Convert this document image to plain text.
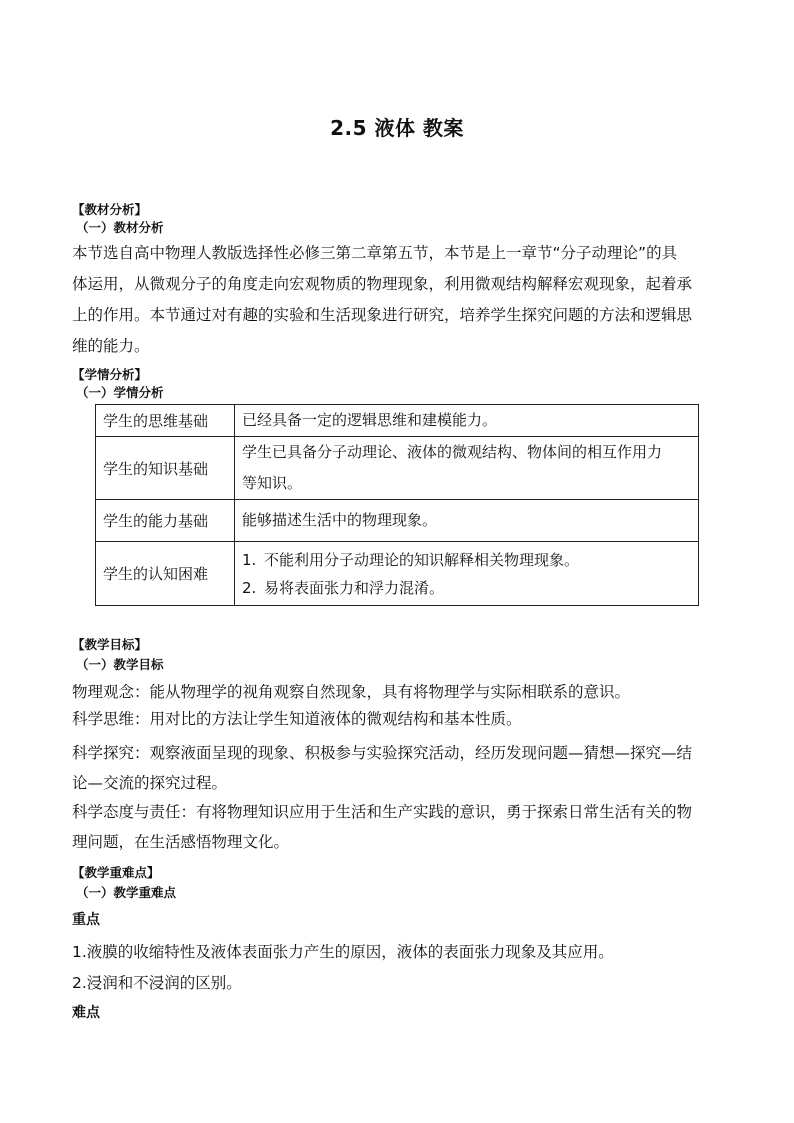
2.5 液体 教案
【教材分析】
（一）教材分析
本节选自高中物理人教版选择性必修三第二章第五节，本节是上一章节“分子动理论”的具
体运用，从微观分子的角度走向宏观物质的物理现象，利用微观结构解释宏观现象，起着承
上的作用。本节通过对有趣的实验和生活现象进行研究，培养学生探究问题的方法和逻辑思
维的能力。
【学情分析】
（一）学情分析
学生的思维基础	已经具备一定的逻辑思维和建模能力。

学生的知识基础	学生已具备分子动理论、液体的微观结构、物体间的相互作用力
等知识。

学生的能力基础	能够描述生活中的物理现象。

学生的认知困难	1. 不能利用分子动理论的知识解释相关物理现象。
2. 易将表面张力和浮力混淆。
【教学目标】
（一）教学目标
物理观念：能从物理学的视角观察自然现象，具有将物理学与实际相联系的意识。
科学思维：用对比的方法让学生知道液体的微观结构和基本性质。
科学探究：观察液面呈现的现象、积极参与实验探究活动，经历发现问题—猜想—探究—结
论—交流的探究过程。
科学态度与责任：有将物理知识应用于生活和生产实践的意识，勇于探索日常生活有关的物
理问题，在生活感悟物理文化。
【教学重难点】
（一）教学重难点
重点
1.液膜的收缩特性及液体表面张力产生的原因，液体的表面张力现象及其应用。
2.浸润和不浸润的区别。
难点
